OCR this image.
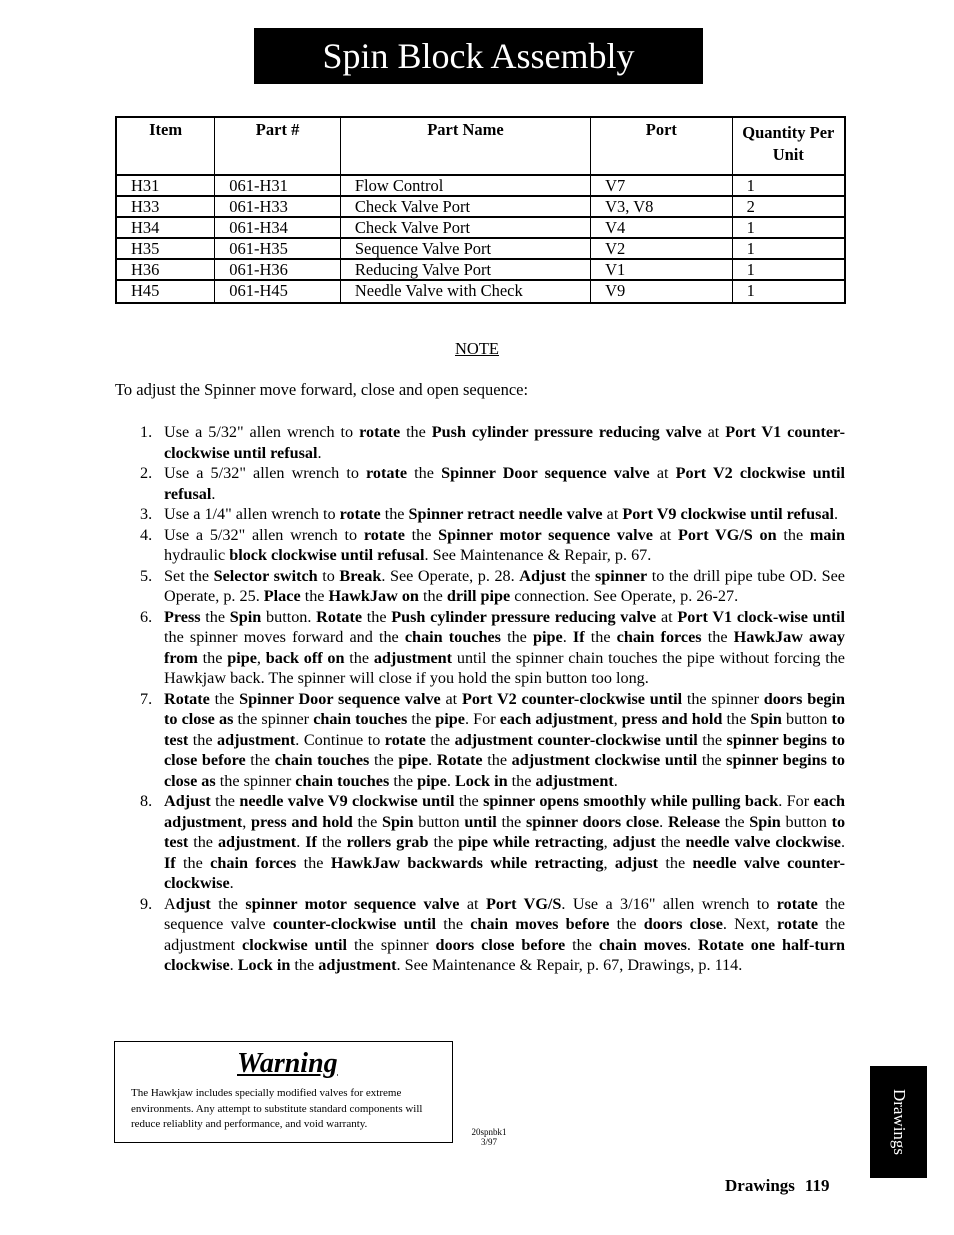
Spin Block Assembly
Item	Part #	Part Name	Port	Quantity Per Unit
H31	061-H31	Flow Control	V7	1
H33	061-H33	Check Valve Port	V3, V8	2
H34	061-H34	Check Valve Port	V4	1
H35	061-H35	Sequence Valve Port	V2	1
H36	061-H36	Reducing Valve Port	V1	1
H45	061-H45	Needle Valve with Check	V9	1
NOTE
To adjust the Spinner move forward, close and open sequence:
1. Use a 5/32" allen wrench to rotate the Push cylinder pressure reducing valve at Port V1 counter-clockwise until refusal.
2. Use a 5/32" allen wrench to rotate the Spinner Door sequence valve at Port V2 clockwise until refusal.
3. Use a 1/4" allen wrench to rotate the Spinner retract needle valve at Port V9 clockwise until refusal.
4. Use a 5/32" allen wrench to rotate the Spinner motor sequence valve at Port VG/S on the main hydraulic block clockwise until refusal. See Maintenance & Repair, p. 67.
5. Set the Selector switch to Break. See Operate, p. 28. Adjust the spinner to the drill pipe tube OD. See Operate, p. 25. Place the HawkJaw on the drill pipe connection. See Operate, p. 26-27.
6. Press the Spin button. Rotate the Push cylinder pressure reducing valve at Port V1 clock-wise until the spinner moves forward and the chain touches the pipe. If the chain forces the HawkJaw away from the pipe, back off on the adjustment until the spinner chain touches the pipe without forcing the Hawkjaw back. The spinner will close if you hold the spin button too long.
7. Rotate the Spinner Door sequence valve at Port V2 counter-clockwise until the spinner doors begin to close as the spinner chain touches the pipe. For each adjustment, press and hold the Spin button to test the adjustment. Continue to rotate the adjustment counter-clockwise until the spinner begins to close before the chain touches the pipe. Rotate the adjustment clockwise until the spinner begins to close as the spinner chain touches the pipe. Lock in the adjustment.
8. Adjust the needle valve V9 clockwise until the spinner opens smoothly while pulling back. For each adjustment, press and hold the Spin button until the spinner doors close. Release the Spin button to test the adjustment. If the rollers grab the pipe while retracting, adjust the needle valve clockwise. If the chain forces the HawkJaw backwards while retracting, adjust the needle valve counter-clockwise.
9. Adjust the spinner motor sequence valve at Port VG/S. Use a 3/16" allen wrench to rotate the sequence valve counter-clockwise until the chain moves before the doors close. Next, rotate the adjustment clockwise until the spinner doors close before the chain moves. Rotate one half-turn clockwise. Lock in the adjustment. See Maintenance & Repair, p. 67, Drawings, p. 114.
Warning
The Hawkjaw includes specially modified valves for extreme environments. Any attempt to substitute standard components will reduce reliablity and performance, and void warranty.
20spnbk1
3/97	Drawings
Drawings 119
